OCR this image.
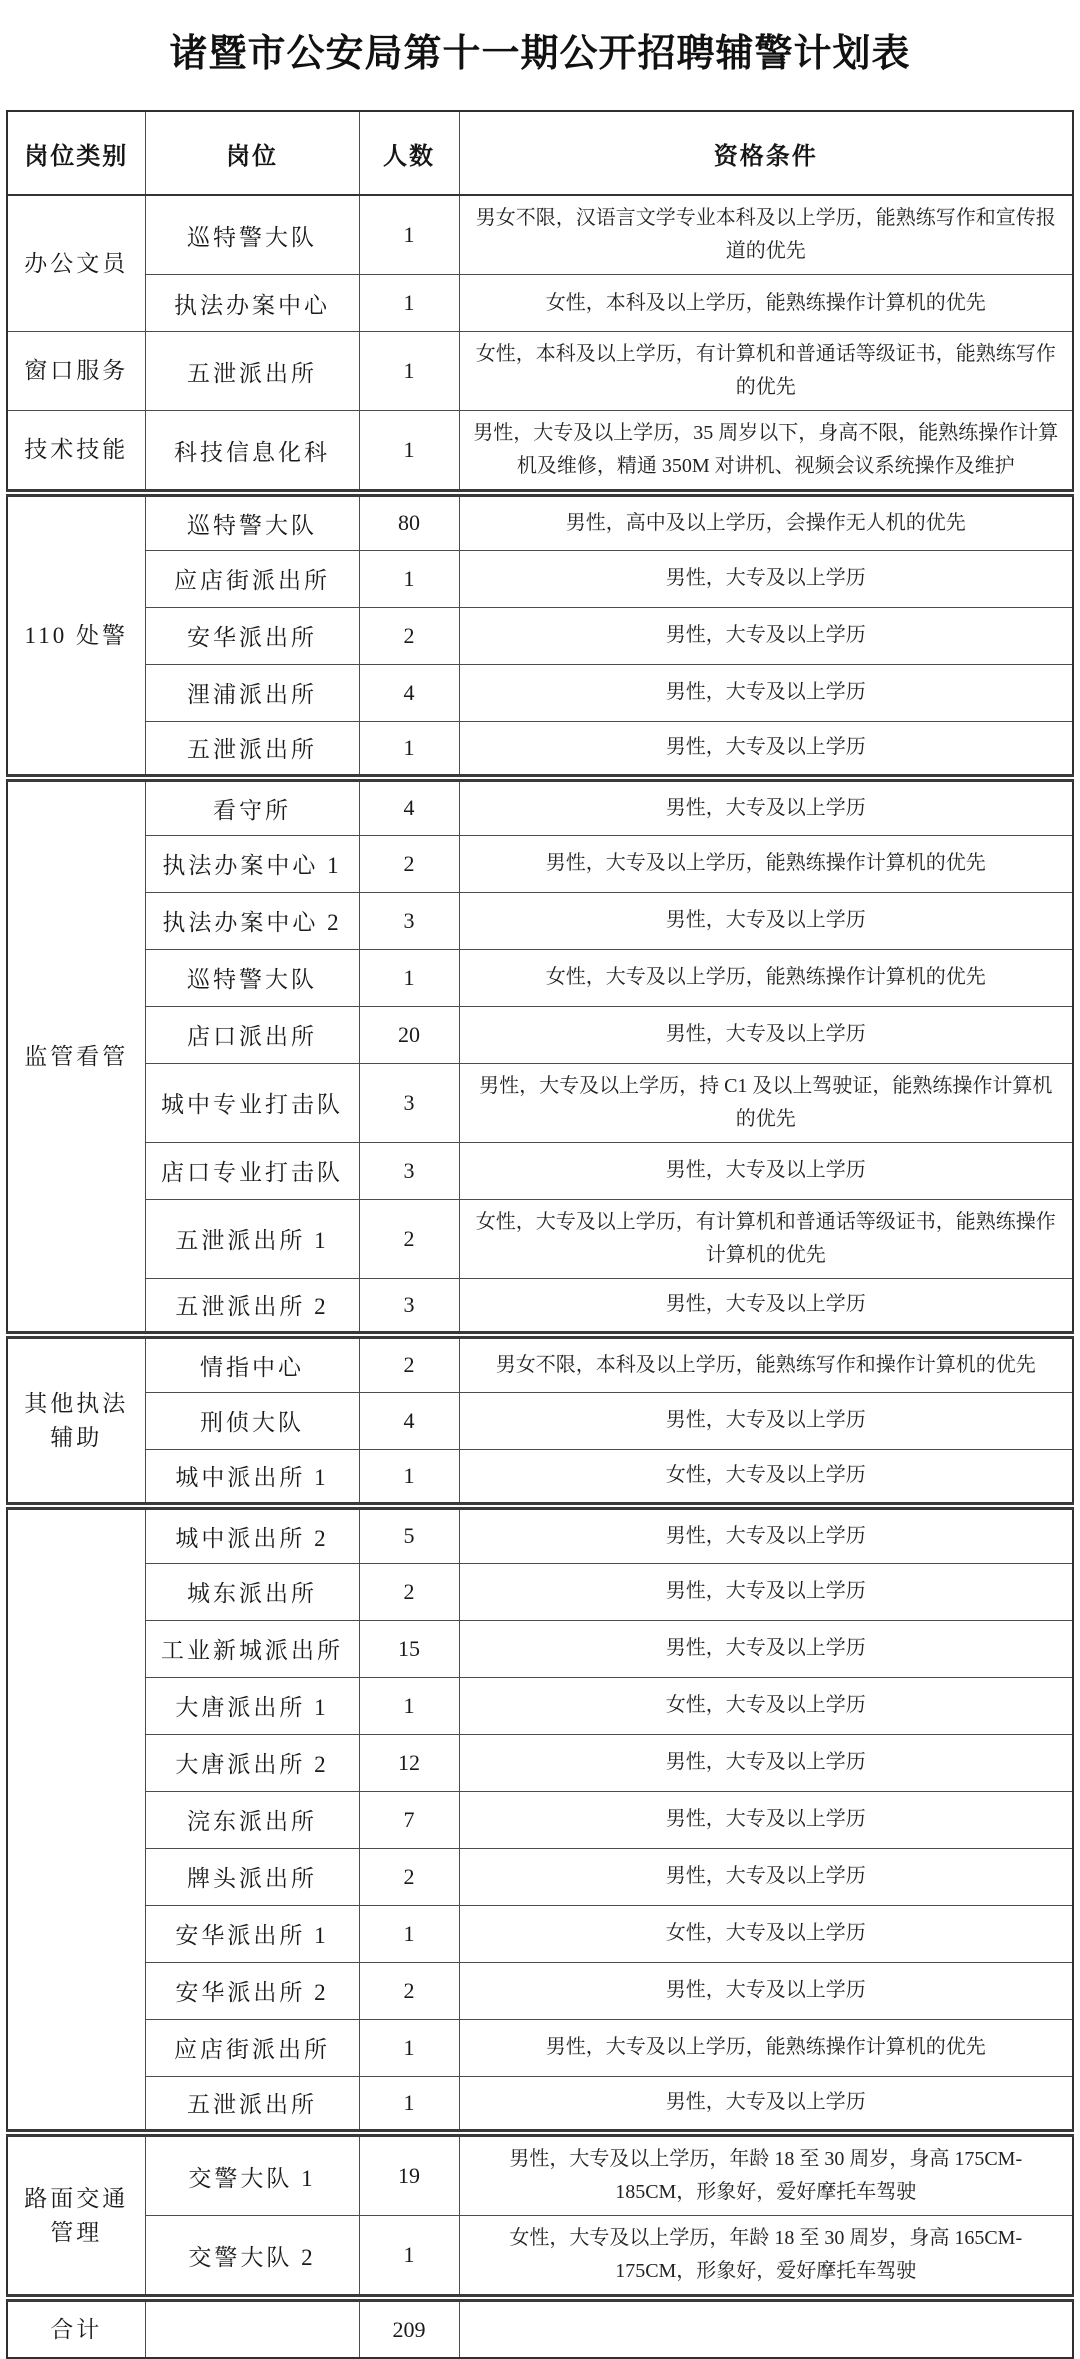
诸暨市公安局第十一期公开招聘辅警计划表
岗位类别	岗位	人数	资格条件
办公文员	巡特警大队	1	男女不限，汉语言文学专业本科及以上学历，能熟练写作和宣传报道的优先
	执法办案中心	1	女性，本科及以上学历，能熟练操作计算机的优先
窗口服务	五泄派出所	1	女性，本科及以上学历，有计算机和普通话等级证书，能熟练写作的优先
技术技能	科技信息化科	1	男性，大专及以上学历，35 周岁以下，身高不限，能熟练操作计算机及维修，精通 350M 对讲机、视频会议系统操作及维护
110 处警	巡特警大队	80	男性，高中及以上学历，会操作无人机的优先
	应店街派出所	1	男性，大专及以上学历
	安华派出所	2	男性，大专及以上学历
	浬浦派出所	4	男性，大专及以上学历
	五泄派出所	1	男性，大专及以上学历
监管看管	看守所	4	男性，大专及以上学历
	执法办案中心 1	2	男性，大专及以上学历，能熟练操作计算机的优先
	执法办案中心 2	3	男性，大专及以上学历
	巡特警大队	1	女性，大专及以上学历，能熟练操作计算机的优先
	店口派出所	20	男性，大专及以上学历
	城中专业打击队	3	男性，大专及以上学历，持 C1 及以上驾驶证，能熟练操作计算机的优先
	店口专业打击队	3	男性，大专及以上学历
	五泄派出所 1	2	女性，大专及以上学历，有计算机和普通话等级证书，能熟练操作计算机的优先
	五泄派出所 2	3	男性，大专及以上学历
其他执法辅助	情指中心	2	男女不限，本科及以上学历，能熟练写作和操作计算机的优先
	刑侦大队	4	男性，大专及以上学历
	城中派出所 1	1	女性，大专及以上学历
	城中派出所 2	5	男性，大专及以上学历
	城东派出所	2	男性，大专及以上学历
	工业新城派出所	15	男性，大专及以上学历
	大唐派出所 1	1	女性，大专及以上学历
	大唐派出所 2	12	男性，大专及以上学历
	浣东派出所	7	男性，大专及以上学历
	牌头派出所	2	男性，大专及以上学历
	安华派出所 1	1	女性，大专及以上学历
	安华派出所 2	2	男性，大专及以上学历
	应店街派出所	1	男性，大专及以上学历，能熟练操作计算机的优先
	五泄派出所	1	男性，大专及以上学历
路面交通管理	交警大队 1	19	男性，大专及以上学历，年龄 18 至 30 周岁，身高 175CM-185CM，形象好，爱好摩托车驾驶
	交警大队 2	1	女性，大专及以上学历，年龄 18 至 30 周岁，身高 165CM-175CM，形象好，爱好摩托车驾驶
合计		209	
